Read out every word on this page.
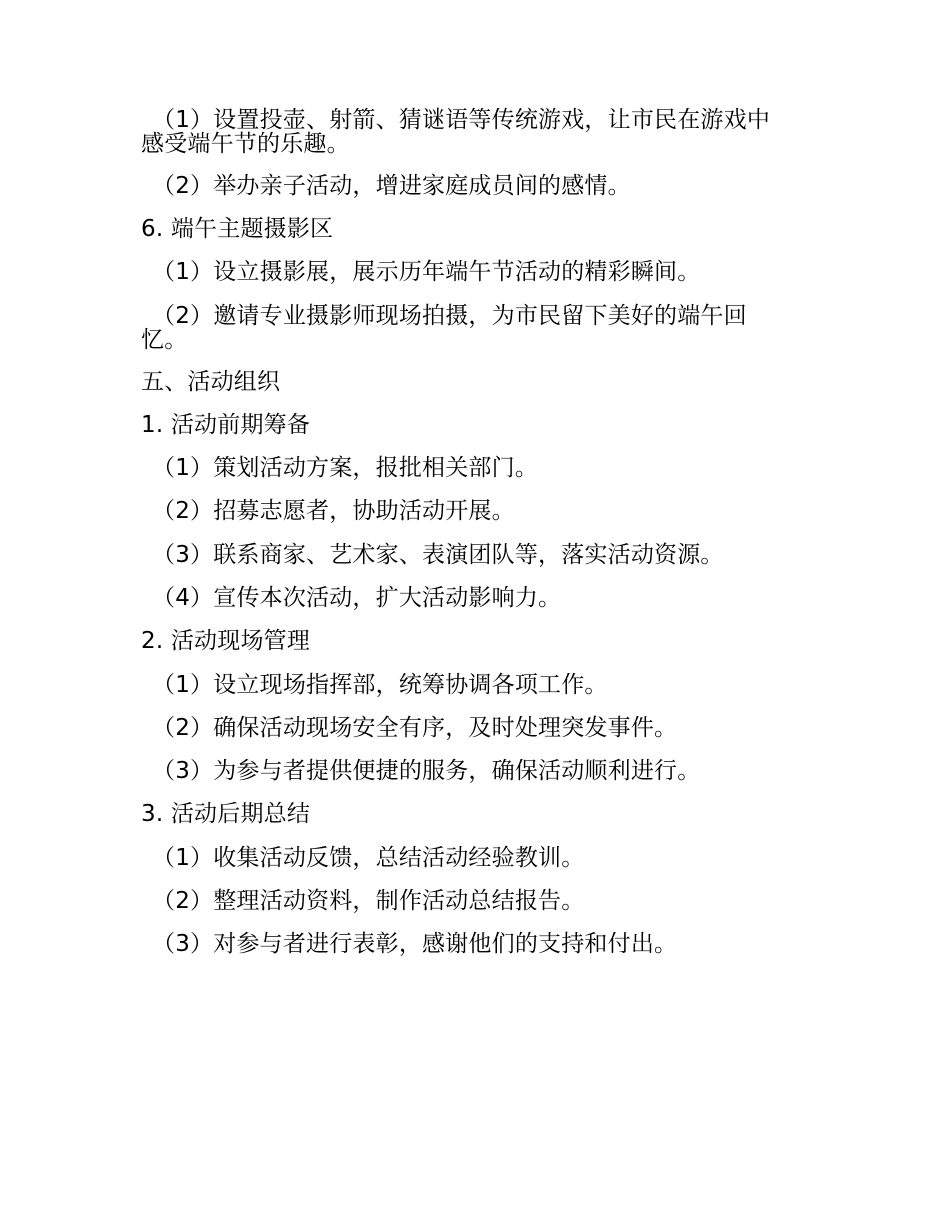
（1）设置投壶、射箭、猜谜语等传统游戏，让市民在游戏中
感受端午节的乐趣。
（2）举办亲子活动，增进家庭成员间的感情。
6. 端午主题摄影区
（1）设立摄影展，展示历年端午节活动的精彩瞬间。
（2）邀请专业摄影师现场拍摄，为市民留下美好的端午回
忆。
五、活动组织
1. 活动前期筹备
（1）策划活动方案，报批相关部门。
（2）招募志愿者，协助活动开展。
（3）联系商家、艺术家、表演团队等，落实活动资源。
（4）宣传本次活动，扩大活动影响力。
2. 活动现场管理
（1）设立现场指挥部，统筹协调各项工作。
（2）确保活动现场安全有序，及时处理突发事件。
（3）为参与者提供便捷的服务，确保活动顺利进行。
3. 活动后期总结
（1）收集活动反馈，总结活动经验教训。
（2）整理活动资料，制作活动总结报告。
（3）对参与者进行表彰，感谢他们的支持和付出。
